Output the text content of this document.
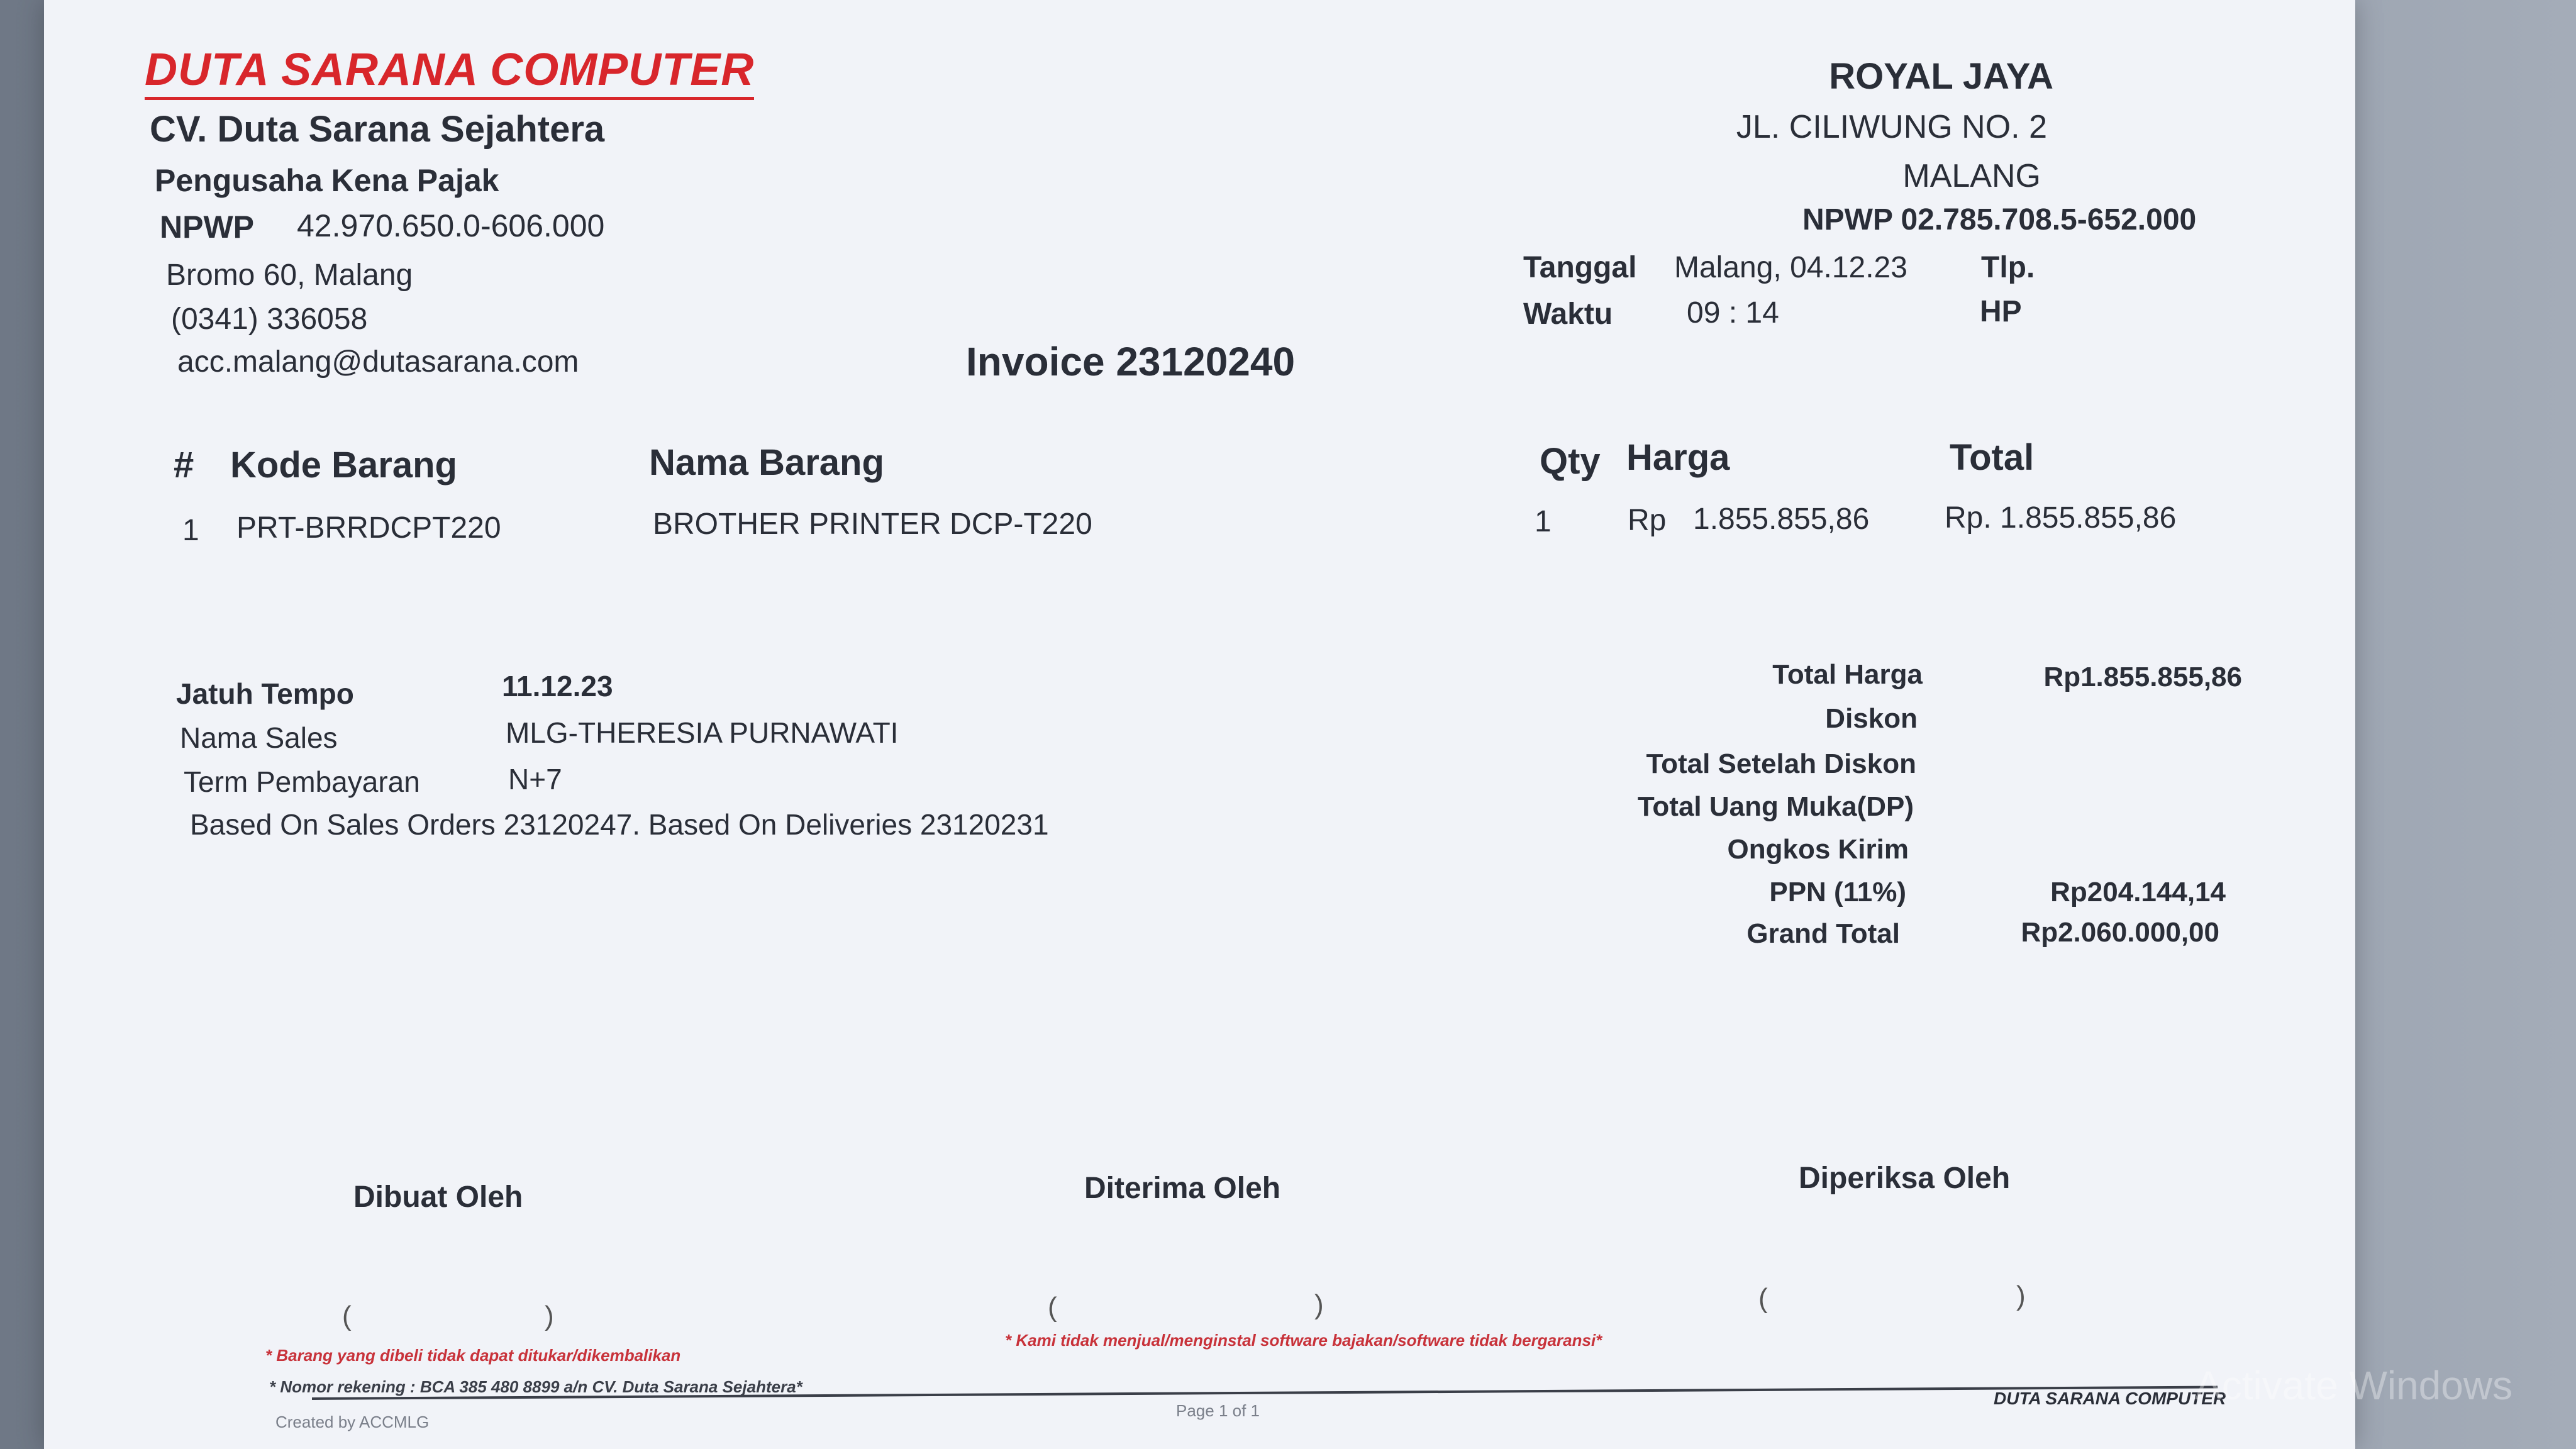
DUTA SARANA COMPUTER
CV. Duta Sarana Sejahtera
Pengusaha Kena Pajak
NPWP 42.970.650.0-606.000
Bromo 60, Malang
(0341) 336058
acc.malang@dutasarana.com	Invoice 23120240
ROYAL JAYA
JL. CILIWUNG NO. 2
MALANG
NPWP 02.785.708.5-652.000
Tanggal Malang, 04.12.23 Tlp.
Waktu 09 : 14	HP
# Kode Barang	Nama Barang	Qty Harga	Total
1 PRT-BRRDCPT220	BROTHER PRINTER DCP-T220	1	Rp 1.855.855,86 Rp. 1.855.855,86
Jatuh Tempo	11.12.23
Nama Sales	MLG-THERESIA PURNAWATI
Term Pembayaran	N+7
Based On Sales Orders 23120247. Based On Deliveries 23120231
Total Harga	Rp1.855.855,86
Diskon
Total Setelah Diskon
Total Uang Muka(DP)
Ongkos Kirim
PPN (11%)	Rp204.144,14
Grand Total	Rp2.060.000,00
Dibuat Oleh	Diterima Oleh	Diperiksa Oleh
(	)	(	)	(	)
* Barang yang dibeli tidak dapat ditukar/dikembalikan
* Kami tidak menjual/menginstal software bajakan/software tidak bergaransi*
* Nomor rekening : BCA 385 480 8899 a/n CV. Duta Sarana Sejahtera*
Created by ACCMLG
Page 1 of 1
DUTA SARANA COMPUTER
Activate Windows
